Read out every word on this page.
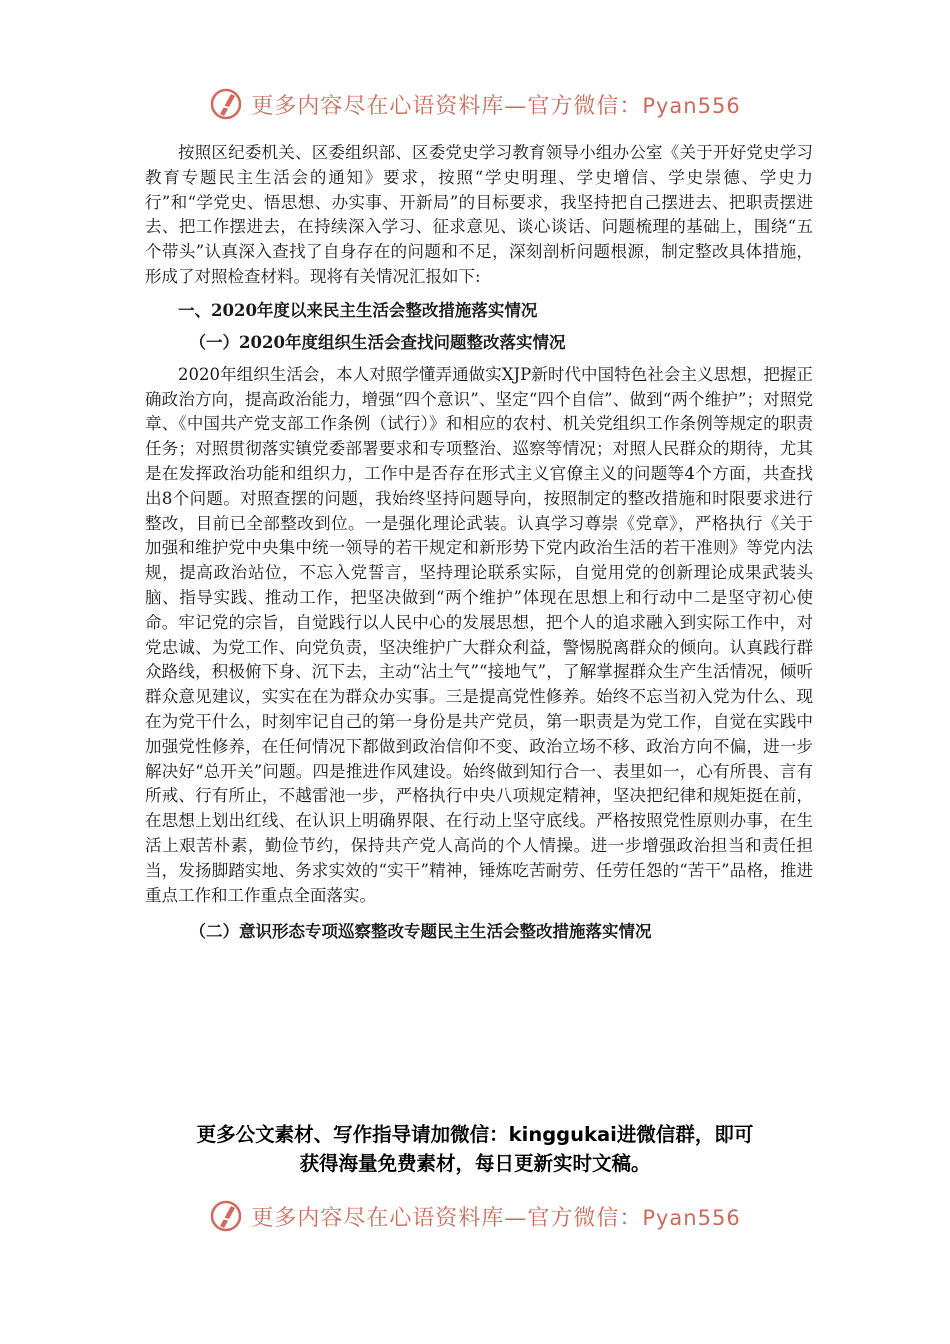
更多内容尽在心语资料库—官方微信：Pyan556

按照区纪委机关、区委组织部、区委党史学习教育领导小组办公室《关于开好党史学习教育专题民主生活会的通知》要求，按照“学史明理、学史增信、学史崇德、学史力行”和“学党史、悟思想、办实事、开新局”的目标要求，我坚持把自己摆进去、把职责摆进去、把工作摆进去，在持续深入学习、征求意见、谈心谈话、问题梳理的基础上，围绕“五个带头”认真深入查找了自身存在的问题和不足，深刻剖析问题根源，制定整改具体措施，形成了对照检查材料。现将有关情况汇报如下:

一、2020年度以来民主生活会整改措施落实情况
（一）2020年度组织生活会查找问题整改落实情况

2020年组织生活会，本人对照学懂弄通做实XJP新时代中国特色社会主义思想，把握正确政治方向，提高政治能力，增强“四个意识”、坚定“四个自信”、做到“两个维护”；对照党章、《中国共产党支部工作条例（试行）》和相应的农村、机关党组织工作条例等规定的职责任务；对照贯彻落实镇党委部署要求和专项整治、巡察等情况；对照人民群众的期待，尤其是在发挥政治功能和组织力，工作中是否存在形式主义官僚主义的问题等4个方面，共查找出8个问题。对照查摆的问题，我始终坚持问题导向，按照制定的整改措施和时限要求进行整改，目前已全部整改到位。一是强化理论武装。认真学习尊崇《党章》，严格执行《关于加强和维护党中央集中统一领导的若干规定和新形势下党内政治生活的若干准则》等党内法规，提高政治站位，不忘入党誓言，坚持理论联系实际，自觉用党的创新理论成果武装头脑、指导实践、推动工作，把坚决做到“两个维护”体现在思想上和行动中二是坚守初心使命。牢记党的宗旨，自觉践行以人民中心的发展思想，把个人的追求融入到实际工作中，对党忠诚、为党工作、向党负责，坚决维护广大群众利益，警惕脱离群众的倾向。认真践行群众路线，积极俯下身、沉下去，主动“沾土气”“接地气”，了解掌握群众生产生活情况，倾听群众意见建议，实实在在为群众办实事。三是提高党性修养。始终不忘当初入党为什么、现在为党干什么，时刻牢记自己的第一身份是共产党员，第一职责是为党工作，自觉在实践中加强党性修养，在任何情况下都做到政治信仰不变、政治立场不移、政治方向不偏，进一步解决好“总开关”问题。四是推进作风建设。始终做到知行合一、表里如一，心有所畏、言有所戒、行有所止，不越雷池一步，严格执行中央八项规定精神，坚决把纪律和规矩挺在前，在思想上划出红线、在认识上明确界限、在行动上坚守底线。严格按照党性原则办事，在生活上艰苦朴素，勤俭节约，保持共产党人高尚的个人情操。进一步增强政治担当和责任担当，发扬脚踏实地、务求实效的“实干”精神，锤炼吃苦耐劳、任劳任怨的“苦干”品格，推进重点工作和工作重点全面落实。

（二）意识形态专项巡察整改专题民主生活会整改措施落实情况
更多公文素材、写作指导请加微信：kinggukai进微信群，即可
获得海量免费素材，每日更新实时文稿。
更多内容尽在心语资料库—官方微信：Pyan556
